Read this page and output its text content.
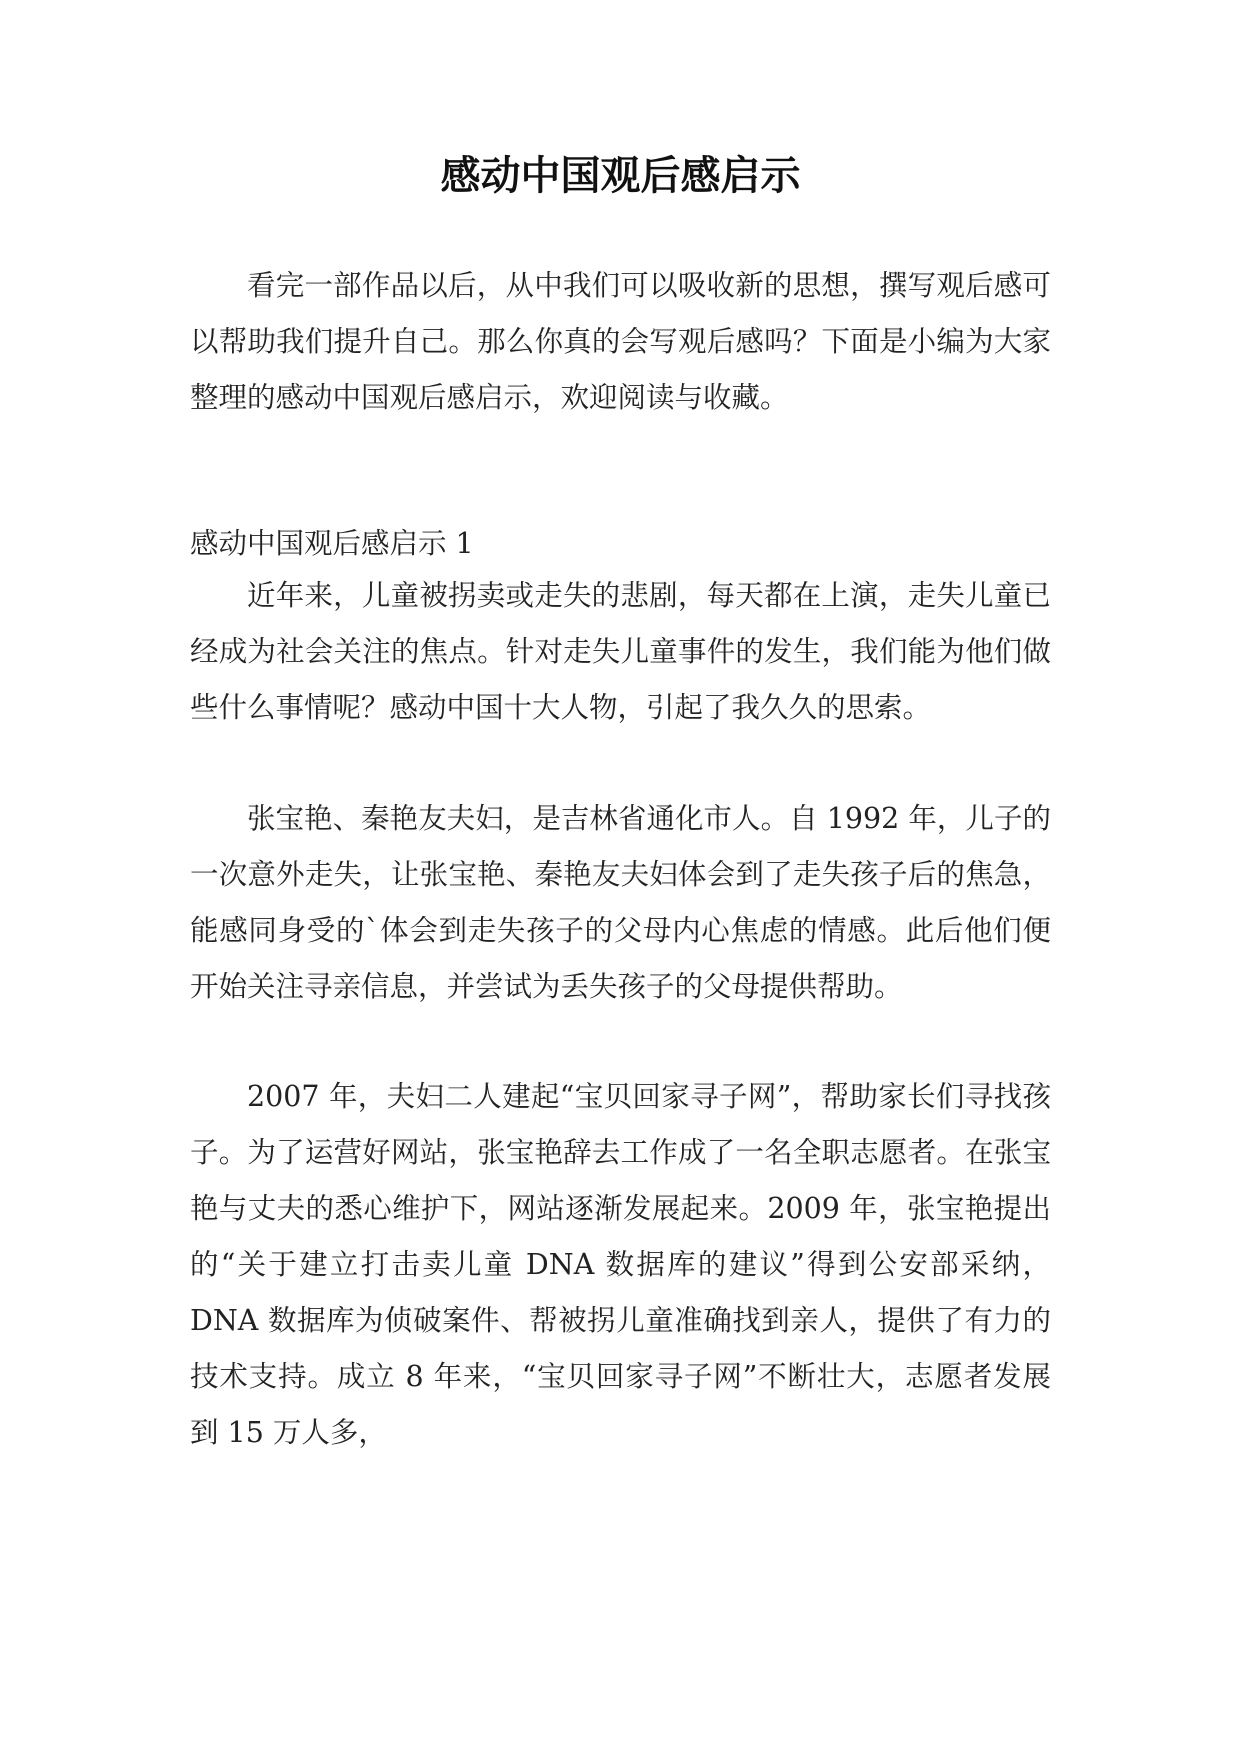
感动中国观后感启示

看完一部作品以后，从中我们可以吸收新的思想，撰写观后感可以帮助我们提升自己。那么你真的会写观后感吗？下面是小编为大家整理的感动中国观后感启示，欢迎阅读与收藏。

感动中国观后感启示 1

近年来，儿童被拐卖或走失的悲剧，每天都在上演，走失儿童已经成为社会关注的焦点。针对走失儿童事件的发生，我们能为他们做些什么事情呢？感动中国十大人物，引起了我久久的思索。

张宝艳、秦艳友夫妇，是吉林省通化市人。自 1992 年，儿子的一次意外走失，让张宝艳、秦艳友夫妇体会到了走失孩子后的焦急，能感同身受的`体会到走失孩子的父母内心焦虑的情感。此后他们便开始关注寻亲信息，并尝试为丢失孩子的父母提供帮助。

2007 年，夫妇二人建起“宝贝回家寻子网”，帮助家长们寻找孩子。为了运营好网站，张宝艳辞去工作成了一名全职志愿者。在张宝艳与丈夫的悉心维护下，网站逐渐发展起来。2009 年，张宝艳提出的“关于建立打击卖儿童 DNA 数据库的建议”得到公安部采纳，DNA 数据库为侦破案件、帮被拐儿童准确找到亲人，提供了有力的技术支持。成立 8 年来，“宝贝回家寻子网”不断壮大，志愿者发展到 15 万人多，
